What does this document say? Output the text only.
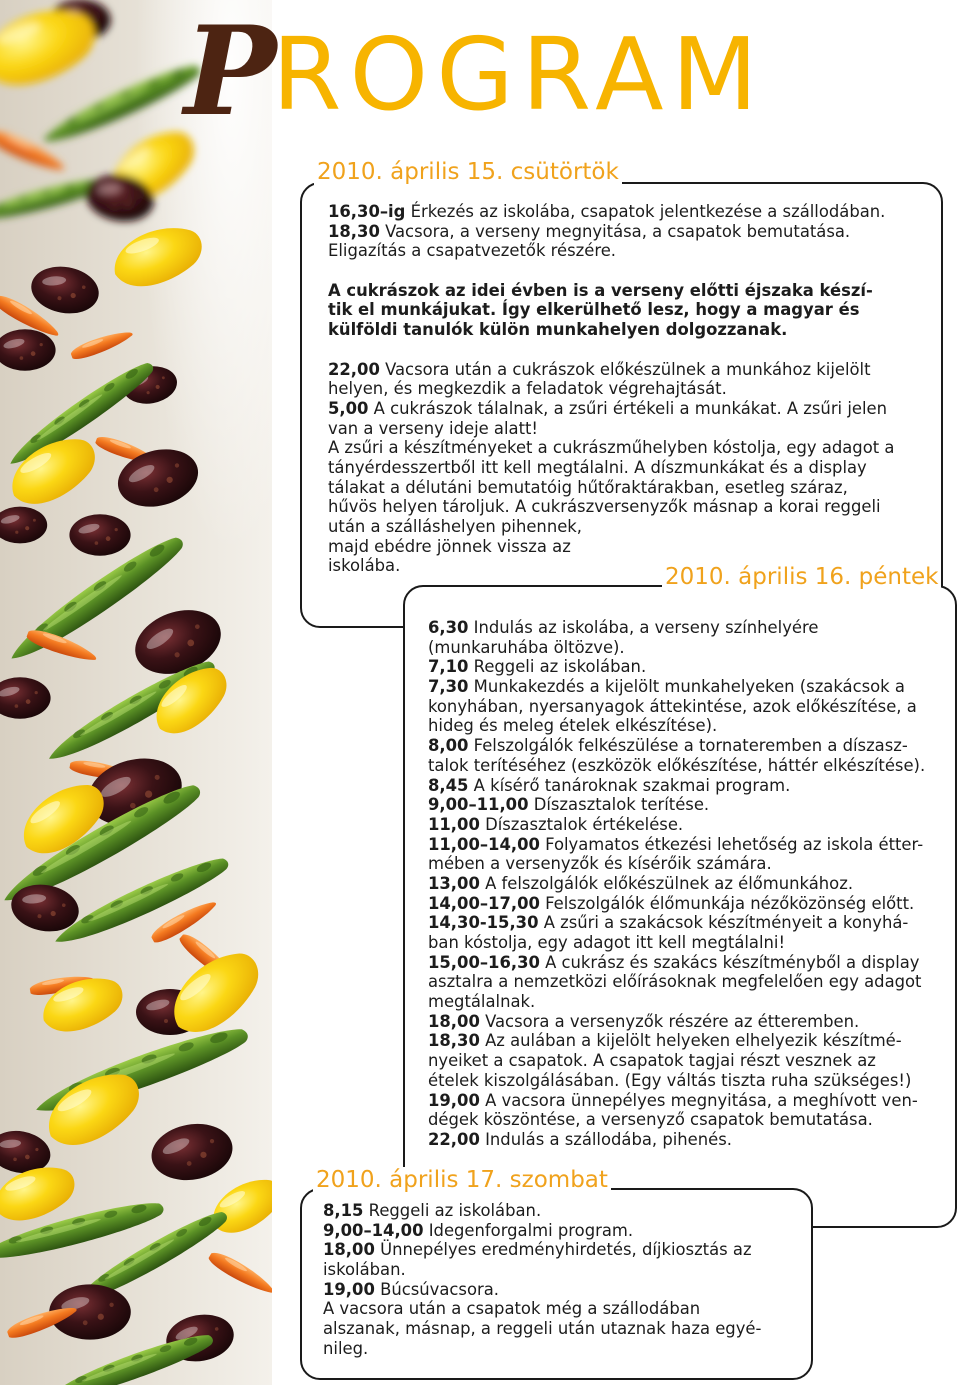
P
ROGRAM
2010. április 15. csütörtök
2010. április 16. péntek
2010. április 17. szombat
16,30–ig Érkezés az iskolába, csapatok jelentkezése a szállodában.
18,30 Vacsora, a verseny megnyitása, a csapatok bemutatása.
Eligazítás a csapatvezetők részére.
A cukrászok az idei évben is a verseny előtti éjszaka készí-
tik el munkájukat. Így elkerülhető lesz, hogy a magyar és
külföldi tanulók külön munkahelyen dolgozzanak.
22,00 Vacsora után a cukrászok előkészülnek a munkához kijelölt
helyen, és megkezdik a feladatok végrehajtását.
5,00 A cukrászok tálalnak, a zsűri értékeli a munkákat. A zsűri jelen
van a verseny ideje alatt!
A zsűri a készítményeket a cukrászműhelyben kóstolja, egy adagot a
tányérdesszertből itt kell megtálalni. A díszmunkákat és a display
tálakat a délutáni bemutatóig hűtőraktárakban, esetleg száraz,
hűvös helyen tároljuk. A cukrászversenyzők másnap a korai reggeli
után a szálláshelyen pihennek,
majd ebédre jönnek vissza az
iskolába.
6,30 Indulás az iskolába, a verseny színhelyére
(munkaruhába öltözve).
7,10 Reggeli az iskolában.
7,30 Munkakezdés a kijelölt munkahelyeken (szakácsok a
konyhában, nyersanyagok áttekintése, azok előkészítése, a
hideg és meleg ételek elkészítése).
8,00 Felszolgálók felkészülése a tornateremben a díszasz-
talok terítéséhez (eszközök előkészítése, háttér elkészítése).
8,45 A kísérő tanároknak szakmai program.
9,00–11,00 Díszasztalok terítése.
11,00 Díszasztalok értékelése.
11,00–14,00 Folyamatos étkezési lehetőség az iskola étter-
mében a versenyzők és kísérőik számára.
13,00 A felszolgálók előkészülnek az élőmunkához.
14,00–17,00 Felszolgálók élőmunkája nézőközönség előtt.
14,30-15,30 A zsűri a szakácsok készítményeit a konyhá-
ban kóstolja, egy adagot itt kell megtálalni!
15,00–16,30 A cukrász és szakács készítményből a display
asztalra a nemzetközi előírásoknak megfelelően egy adagot
megtálalnak.
18,00 Vacsora a versenyzők részére az étteremben.
18,30 Az aulában a kijelölt helyeken elhelyezik készítmé-
nyeiket a csapatok. A csapatok tagjai részt vesznek az
ételek kiszolgálásában. (Egy váltás tiszta ruha szükséges!)
19,00 A vacsora ünnepélyes megnyitása, a meghívott ven-
dégek köszöntése, a versenyző csapatok bemutatása.
22,00 Indulás a szállodába, pihenés.
8,15 Reggeli az iskolában.
9,00–14,00 Idegenforgalmi program.
18,00 Ünnepélyes eredményhirdetés, díjkiosztás az
iskolában.
19,00 Búcsúvacsora.
A vacsora után a csapatok még a szállodában
alszanak, másnap, a reggeli után utaznak haza egyé-
nileg.
